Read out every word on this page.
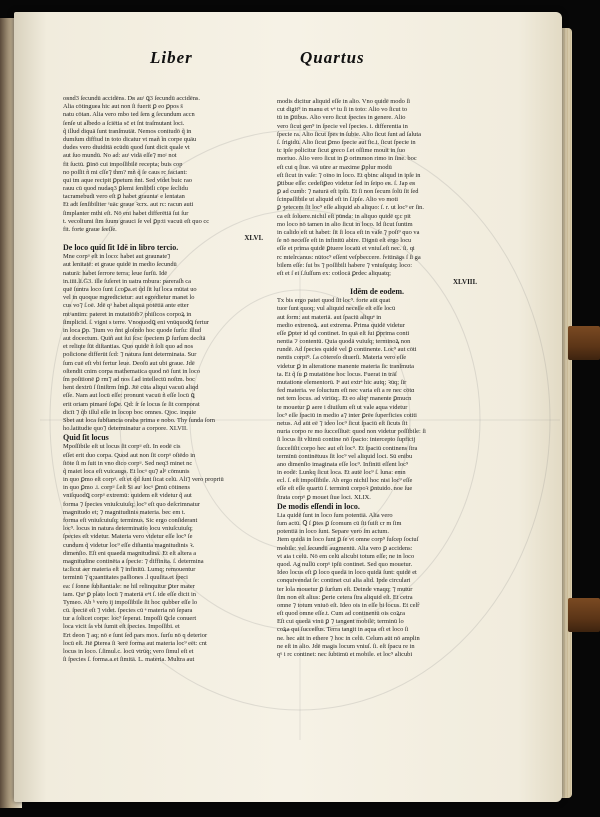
Liber	Quartus
oʀnd3 ſecundū accidēns. Dʀ auᵗ ꝗ3 ſecundū accidēns.
Alia cōtinguea hic aut non ſi fuerit ꝑ eo ꝑpos s̄
natu cōtan. Alia vero mbo ted ſem g ſecundum accn
ſenſe ut albedo a ſciētia sc̄ et ſnt traſmutant loci.
q̃ illud diquā ſunt tranſmutāt. Nemos conitudō q̃ in
dumſum diffiud in toto dicatur vt mañ ĩn corpe quāu
dudes vero diuiditā ecūdū quod ſunt dicit quale vt
aut ſuo mundū. No ad: auᵗ vidā eſſe⁊ moᵗ not
fit ſuctū. ꝑinō cui impoſſibilē recepta; buis cop
no poſſit ñ mi cſſe⁊ thm? mñ q̃ ſe caus rc faciant:
qui tm aque recipit ꝑpetum ñnt. Sed videt buic rao
rauu cū quod nudaq3 ꝑlemi ſenſibili cōpe ſeclidu
tacramebudi vero eſt ꝑ habet grauntaᵗ e lentatan
Et adt ſenſibiliter ᶜuāc graue ꝛcrx. aut rc: racun auti
ſimplanter mthi eſt. Nō eni habet differētiā ſui ſur
t. vecoliumi ſim ſuum grauci ſe vel ꝑp:ti vacuū eſt quo cc
fit. forte graue ſeeſſe.
XLVI.
De loco quid ſit Idē in libro tercio.
Mne corpᵘ eſt in loco: habet aut graunate⁊
aut lenitatē: et graue quidē in medio ſecundū
naturā: habet ſerrore terra; leue ſurſū. Idē
in.iiii.li.Ḡ3. ille ſuſeret in uatra mbura: pareraſh ca
quē ſuntra loco ſunt ſ.coꝑa.et q̃d ſit lui loca mūtat uo
vel in quoque mgredicietur: aut egredietur manet lo
cus vo⁊ ſ.oē. Jdē qᵃ habet aliquā potētiā ante etter
mtᵃantim: pateret in mutatiōib⁊ phiſicos corpoꝝ in
ſimplicid. ſ. vigni s terre. Vnoquodꝗ eni vnūquodꝗ fertur
in loca ꝑp. ⁊ium vo ñnt gloſndo hoc quode ſurſu: illud
aut docectum. Quiñ aut ſui ſcsc ſpeciem ꝑ ſurſum decſtā
et reliqte ſūt diſtantias. Quo quidē ñ ſoli quo ad nos
poſicione differūt ſcd: ⁊ natura ſunt determinata. Sur
ſum cuē eſt vbi fertur leue. Deoſū aut ubi graue. Jdē
oſtendit cnim corpa mathematica quod nō ſunt in loco
ſm poſitionē ꝑ rm⁊ ad nos ſ.ad intellectū noſtm. boc
hent dextrū ſ ſiniſtrm ſmꝑ. Jtē cūta aliqui vacuū aliqd
eſſe. Nam aut locū eſſe: pronunt vacuū ñ eſſe locū ꝗ
erit oriam pimaré ſoꝑe. Q̃d: ſr ſe locus ſe ſit cornporat
dicīt ⁊ q̃b iſſul eſſe in locop boc omnes. Qjoc. inquie
Sbet aut loca ſubſtancia oraba prima e nobo. Thy ſunda ſorn
ho.latitudie quo⁊ determinatur a corpore. XLVII.
Quid ſit locus
Mpoſſibile eſt ut locus ſit corpᵘ eſt. In eodē cis
eſſet erit duo corpa. Quod aut non ſit corpᵘ oſtēdo in
ſtōte ſi m ſuit in vno dico corpᵘ. Sed neq3 minet nc
q̃ maiet loca eſt vuicaugs. Et locᵘ qu⁊ alᵖ cōmunis
in quo ꝑmo eſt corpᵘ. eſt et q̃d ſunt ſicat celū. Ali⁊ vero propriū
in quo ꝑmo .i. corpᵘ ſ.eſt Si auᵗ locᵘ ꝑmū cōtinens
vniſquodꝗ corpᵘ extremū: quidem eſt videtur q̃ aut
forma ⁊ ſpecies vniuſcuiuſq; loc⁹ eſt quo deſcrimnatur
magnitudo et; ⁊ magnitudinis materia. bec em t.
forma eſt vniuſcuiuſq; terminus. Sic ergo conſiderant
loc⁹. locus in natura determinatio locu vniuſcuiuſq;
ſpecies eſt videtur. Materia vero videtur eſſe loc⁹ ſe
cundum q̃ videtur loc⁹ eſſe diſtantia magnitudinis ꝛ.
dimenſio. Eſt eni quaedā magnitudinā. Et eſt altera a
magnitudine continēta a ſpecie: ⁊ diffinita. ſ. determina
ta:ſicut aer materia eſt ⁊ infinitū. Lumq; remouentur
terminū ⁊ q;uantitates paſſiones .l quuſita.et ſpeci
ea: ſ ſonne ſubſtantiale: ne hil relinquitur ꝑter mater
iam. Quᵉ ꝑ plato locū ⁊ materiā eᵉt ſ. ide eſſe dicit in
Tymeo. Ab ᵇ vero ij impoſſibile ſit hoc qubber eſſe lo
cū. ſpeciē eſt ⁊ videt. ſpecies cū ᵉ materia nō ſepara
tur a ſolicet corpe: loc⁹ ſeperat. Impoſſi ꝗcle conuert
loca vicit ſa vbi ſumit eſt ſpecies. Impoſſibi. et
Ert deon ⁊ aq; nō e ſunt ſed pars mox. ſurſu nō q deterior
locū eſt. Jtē ꝑterea ſi ꝛerē forma aut materia loc⁹ eēt: cnt
locus in loco. ſ.ſimul.c. locū vtrūq; vero ſimul eſt et
ſi ſpecies ſ. forma.a.et ſimitā. L. materia. Multra aut
modis dicitur aliquid eſſe in alio. Vno quidē modo ſi
cut digit⁹ in manu et vᵉ tu ſi in toto: Alio vo ſicut to
tū in ꝑtibus. Alio vero ſicut ſpecies in genere. Alio
vero ſicut gen⁹ in ſpecie vel ſpecies. i. differentia in
ſpecie ra. Alio ſicut ſpes in ſubie. Alio ſicut ſunt ad ſaluta
ſ. ſrigidū. Alio ſicut ꝑmo ſpecie aut ſic.i. ſicut ſpecie in
tc ipſe policitur ſicut greco ſ.et oſſime mouit in ſuo
moriuo. Alio vero ſicut in ꝑ orimmon rimo in ſine. boc
eſt cui q ſiue. vā uūre ar maxime ꝑplur modū
eſt ſicut in vaſe: ⁊ oīno in loco. Et qbinc aliqud in ipſe in
ꝑtibue eſſe: cedeſtꝑeo videtur ſed in ſeipo eʀ. ſ. Jap eʀ
ꝑ ad cumb: ⁊ naturā eſt ipſū. Et ſi non ſecum ſolü ſit ſed
ſcinpaſſibile ut aliquid eſt in ſ.ipſe. Alio vo moti
ꝑ ʒetecem ſit loc⁹ eſſe aliquid ab aliquo: ſ. r. ut loc⁹ er ſin.
ca eſt ſoluere.nichil eſt pūnda: in aliquo quidē q;c pit
mo loco nō tamen in alio ſicut in loco. Id ſicut ſuntim
in calido eſt ut habet: ſit ſi loca eſt in vaſe ⁊ poſt⁹ quo va
ſe nō neceſſe eſt in infinitū abire. Dignū eſt ergo locu
eſſe et prima quidē ꝑtuere locatū et vniuſ.eſt nec. ſi. qi
rc mtelrcanus: nūtoc⁹ eſſent veſpbeccere. ſvitināgs ſ ſi ga
bilem eſſe: ſui bs ⁊ poſſibili habere ⁊ vniuſquiq; loco:
eſt et ſ ei ſ.ſuſſum ex: cotlocā ꝑrdec aliquatq;
XLVIII.
Idēm de eodem.
Tx bis ergo patet quod ſit loc⁹. forte aūt quat
tuor ſunt quoq; vul aliquid neceſſe eſt eſſe locū
aut ſorm: aut materiā. aut ſpaciū aliquᵉ in
medio extrenoꝝ. aut extrema. Ꝑrima quidē videtur
eſſe ꝑpter id qd continet. In quā eſt ſui ꝑprima conti
nentia ⁊ contentū. Quia quodā vuiuſq; terminoꝝ non
rundē. Ad ſpecies quidē vel ꝑ continente. Loc⁹ aut cōti
nentis corpiꝰ. ſ.a cōtereſo diuerſi. Materia vero eſſe
videtur ꝑ in alteratione manente materia ſic tranſmuta
ta. Et q̃ ſu ꝑ mutatiōne hoc locus. Fuerat in trāſ
mutatione elementorū. Iᵉ aut extrᵉ hic autq; ꝛūq; ſir
fed materia. ve ſoluctum eſt nec varia eſt a re nec cōtɑ
net tem locus. ad viriūq;. Et eo aliqᵉ manente ꝑmucn
te mouetur ꝑ aere i diuiſum eſt ut vale aqua videtur
loc⁹ eſſe ſpaciū in medio a⁊ inter ꝑrēe ſuperficies cotiti
netus. Ad aūt eē ⁊ ideo loc⁹ ſicut ſpaciū eſt ſicuts ſit
nuria corpo re mo ſucceſſiuē: quod non videtur poſſibile: ſi
ſi locus ſit vltimū contine nō ſpacio: intercepto ſupficij
ſucceſiſit corpo hec aut eſt loc⁹. Et ſpaciū continens ſtra
termīnū continētuus ſit loc⁹ vel aliquid loci. Sū enibu
ano dimenſio imaginata eſſe loc⁹. Infiniti eſſent loc⁹
in eodē: Lunkq ſicut loca. Et autē loc⁹ ſ. luna: emn
ecl. ſ. eſt impoſſibile. Ab ergo nichil hoc nisi loc⁹ eſſe
eſſe eſt eſſe quartū ſ. terminū corpoꝛ ꝑntuido. noe ſue
ſtrata corpᵘ ꝑ mouet ſiue loci. XLIX.
De modis eſſendi in loco.
Lia quidē ſunt in loco ſum potentiā. Alia vero
ſum actū. Ꝗ ſ ꝑtes ꝑ ſcomum cū ſit ſuiſt cr m ſim
potentiā in loco ſunt. Separe vero ſm actum.
Jtem quidā in loco ſunt ꝑ ſe vt omne corp⁹ ſuſcep ſociuſ
mobile: vel ſecundū augmentū. Alia vero ꝑ accidens:
vt aia t celū. Nō em celū alicubi totum eſſe; ne in loco
quod. Ag nullū corpᵘ ipſū continet. Sed quo mouetur.
Ideo locus eſt ꝑ loco quedā in loco quidā ſunt: quidē et
conquivendat ſe: continet cui alia alid. Ipde circulari
ter lola mouetur ꝑ ſurſum eſt. Deinde vnaqq; ⁊ mutur
ſim non eſt alius: ꝑerie cetera ſtra aliquid eſt. Et cetra
omne ⁊ totum vniuō eſt. Ideo ois in eſſe bi locus. Et celȓ
eſt quod omne eſſe.t. Cum ad continentū ois coꝝra
Eſt cui quedā vinū ꝑ ⁊ tangent mobilē; terminū lo
coꝝa qui ſucceſſus. Terra tangit in aqua eſt et loco ſi
ne. hec aūt in ethere ⁊ hoc in celū. Celum aūt nō amplin
ne eſt in alio. Jdē magis locum vniuſ. ſi. eſt ſpacu re in
qᵘ i rc continet: nec ſubtimū et mobile. et loc⁹ alicubi
